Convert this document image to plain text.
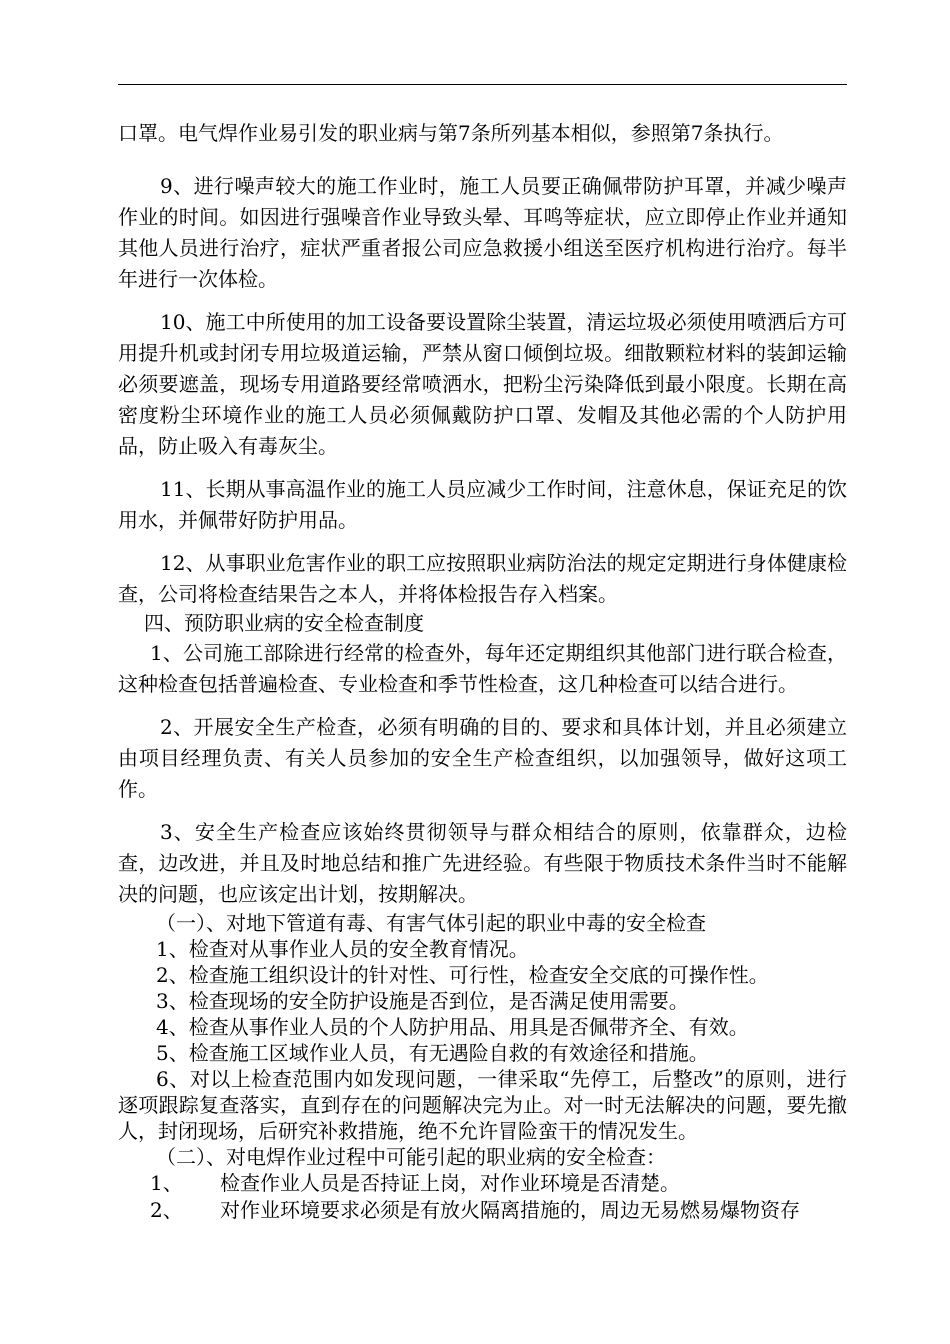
口罩。电气焊作业易引发的职业病与第7条所列基本相似，参照第7条执行。

9、进行噪声较大的施工作业时，施工人员要正确佩带防护耳罩，并减少噪声作业的时间。如因进行强噪音作业导致头晕、耳鸣等症状，应立即停止作业并通知其他人员进行治疗，症状严重者报公司应急救援小组送至医疗机构进行治疗。每半年进行一次体检。

10、施工中所使用的加工设备要设置除尘装置，清运垃圾必须使用喷洒后方可用提升机或封闭专用垃圾道运输，严禁从窗口倾倒垃圾。细散颗粒材料的装卸运输必须要遮盖，现场专用道路要经常喷洒水，把粉尘污染降低到最小限度。长期在高密度粉尘环境作业的施工人员必须佩戴防护口罩、发帽及其他必需的个人防护用品，防止吸入有毒灰尘。

11、长期从事高温作业的施工人员应减少工作时间，注意休息，保证充足的饮用水，并佩带好防护用品。

12、从事职业危害作业的职工应按照职业病防治法的规定定期进行身体健康检查，公司将检查结果告之本人，并将体检报告存入档案。

四、预防职业病的安全检查制度

1、公司施工部除进行经常的检查外，每年还定期组织其他部门进行联合检查，这种检查包括普遍检查、专业检查和季节性检查，这几种检查可以结合进行。

2、开展安全生产检查，必须有明确的目的、要求和具体计划，并且必须建立由项目经理负责、有关人员参加的安全生产检查组织，以加强领导，做好这项工作。

3、安全生产检查应该始终贯彻领导与群众相结合的原则，依靠群众，边检查，边改进，并且及时地总结和推广先进经验。有些限于物质技术条件当时不能解决的问题，也应该定出计划，按期解决。

（一）、对地下管道有毒、有害气体引起的职业中毒的安全检查

1、检查对从事作业人员的安全教育情况。

2、检查施工组织设计的针对性、可行性，检查安全交底的可操作性。

3、检查现场的安全防护设施是否到位，是否满足使用需要。

4、检查从事作业人员的个人防护用品、用具是否佩带齐全、有效。

5、检查施工区域作业人员，有无遇险自救的有效途径和措施。

6、对以上检查范围内如发现问题，一律采取“先停工，后整改”的原则，进行逐项跟踪复查落实，直到存在的问题解决完为止。对一时无法解决的问题，要先撤人，封闭现场，后研究补救措施，绝不允许冒险蛮干的情况发生。

（二）、对电焊作业过程中可能引起的职业病的安全检查：

1、	检查作业人员是否持证上岗，对作业环境是否清楚。
2、	对作业环境要求必须是有放火隔离措施的，周边无易燃易爆物资存
